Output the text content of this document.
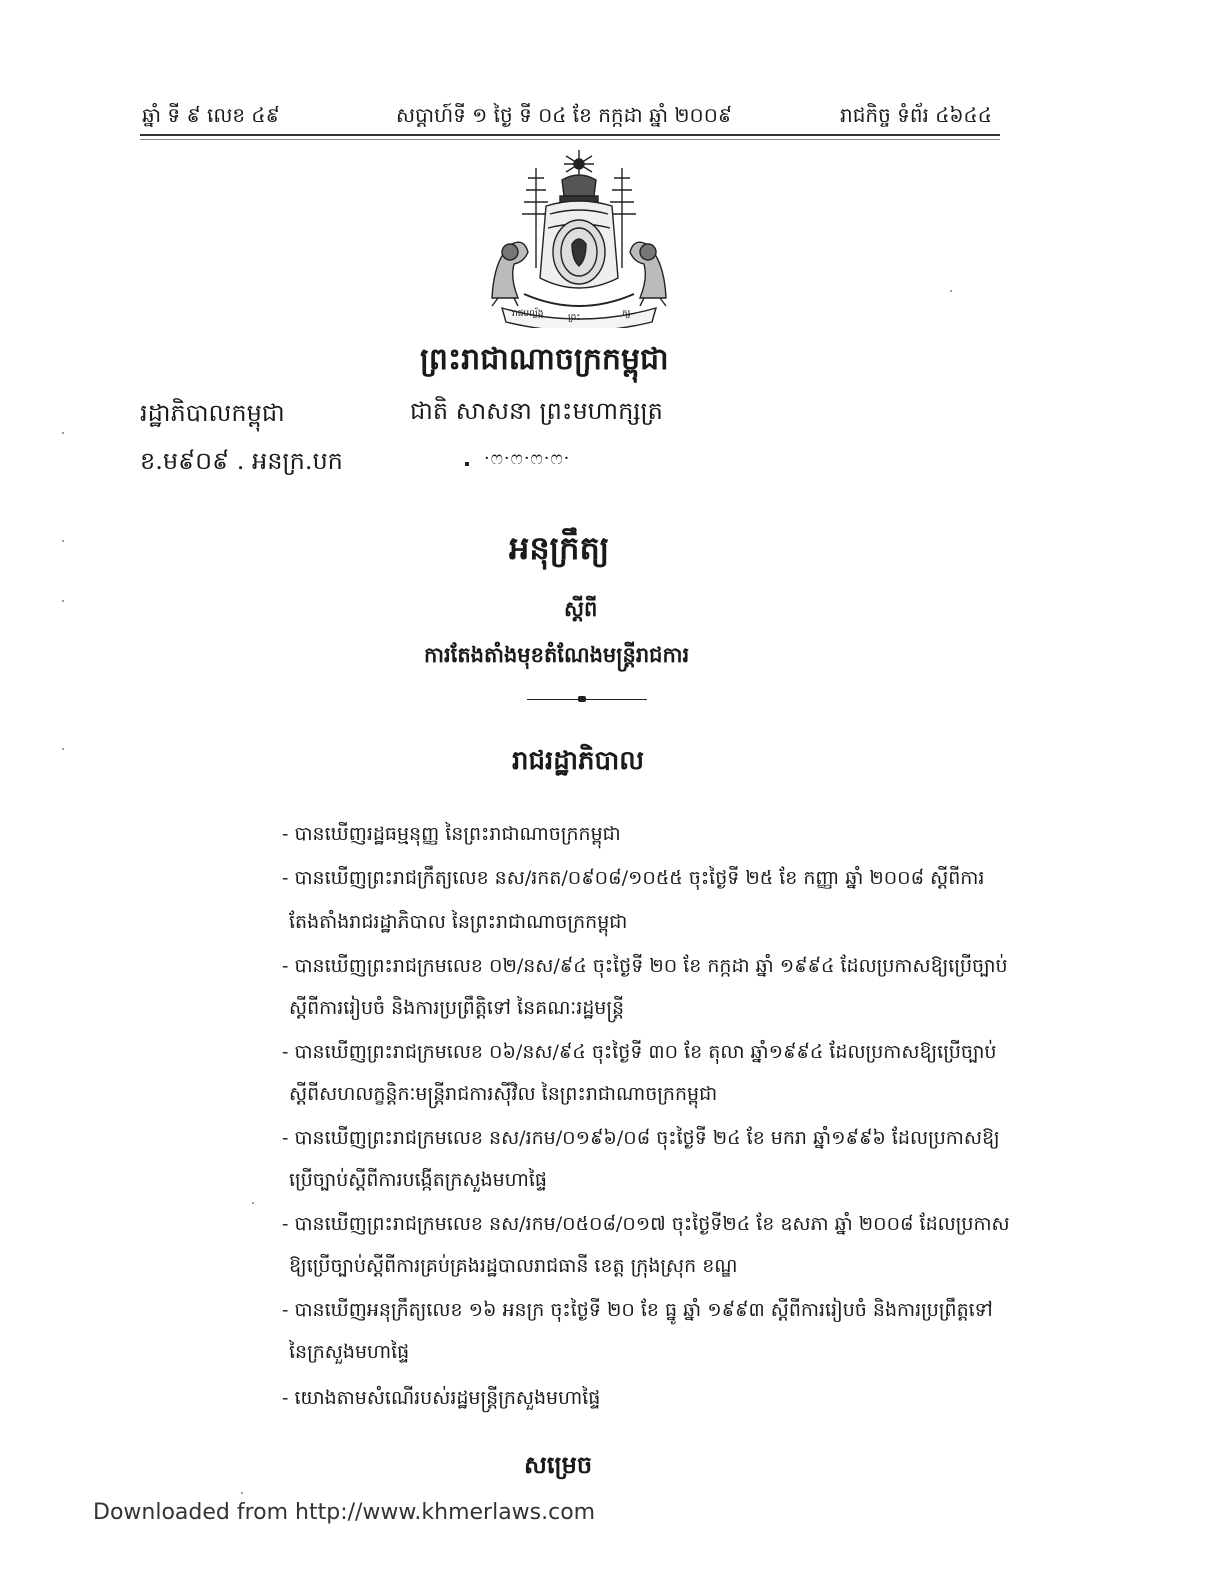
ឆ្នាំ ទី ៩ លេខ ៤៩	សប្តាហ៍ទី ១ ថ្ងៃ ទី ០៤ ខែ កក្កដា ឆ្នាំ ២០០៩	រាជកិច្ច ទំព័រ ៤៦៤៤
រាជបល្ល័ង្ក	ព្រះ	ក្ស
ព្រះរាជាណាចក្រកម្ពុជា
ជាតិ សាសនា ព្រះមហាក្សត្រ
រដ្ឋាភិបាលកម្ពុជា
ខ.ម៩០៩ . អនក្រ.បក	·ෆ·ෆ·ෆ·ෆ·
អនុក្រឹត្យ
ស្តីពី
ការតែងតាំងមុខតំណែងមន្ត្រីរាជការ
រាជរដ្ឋាភិបាល
- បានឃើញរដ្ឋធម្មនុញ្ញ នៃព្រះរាជាណាចក្រកម្ពុជា
- បានឃើញព្រះរាជក្រឹត្យលេខ នស/រកត/០៩០៨/១០៥៥ ចុះថ្ងៃទី ២៥ ខែ កញ្ញា ឆ្នាំ ២០០៨ ស្តីពីការ
តែងតាំងរាជរដ្ឋាភិបាល នៃព្រះរាជាណាចក្រកម្ពុជា
- បានឃើញព្រះរាជក្រមលេខ ០២/នស/៩៤ ចុះថ្ងៃទី ២០ ខែ កក្កដា ឆ្នាំ ១៩៩៤ ដែលប្រកាសឱ្យប្រើច្បាប់
ស្តីពីការរៀបចំ និងការប្រព្រឹត្តិទៅ នៃគណៈរដ្ឋមន្ត្រី
- បានឃើញព្រះរាជក្រមលេខ ០៦/នស/៩៤ ចុះថ្ងៃទី ៣០ ខែ តុលា ឆ្នាំ១៩៩៤ ដែលប្រកាសឱ្យប្រើច្បាប់
ស្តីពីសហលក្ខន្តិកៈមន្ត្រីរាជការស៊ីវិល នៃព្រះរាជាណាចក្រកម្ពុជា
- បានឃើញព្រះរាជក្រមលេខ នស/រកម/០១៩៦/០៨ ចុះថ្ងៃទី ២៤ ខែ មករា ឆ្នាំ១៩៩៦ ដែលប្រកាសឱ្យ
ប្រើច្បាប់ស្តីពីការបង្កើតក្រសួងមហាផ្ទៃ
- បានឃើញព្រះរាជក្រមលេខ នស/រកម/០៥០៨/០១៧ ចុះថ្ងៃទី២៤ ខែ ឧសភា ឆ្នាំ ២០០៨ ដែលប្រកាស
ឱ្យប្រើច្បាប់ស្តីពីការគ្រប់គ្រងរដ្ឋបាលរាជធានី ខេត្ត ក្រុងស្រុក ខណ្ឌ
- បានឃើញអនុក្រឹត្យលេខ ១៦ អនក្រ ចុះថ្ងៃទី ២០ ខែ ធ្នូ ឆ្នាំ ១៩៩៣ ស្តីពីការរៀបចំ និងការប្រព្រឹត្តទៅ
នៃក្រសួងមហាផ្ទៃ
- យោងតាមសំណើរបស់រដ្ឋមន្ត្រីក្រសួងមហាផ្ទៃ
សម្រេច
Downloaded from http://www.khmerlaws.com
